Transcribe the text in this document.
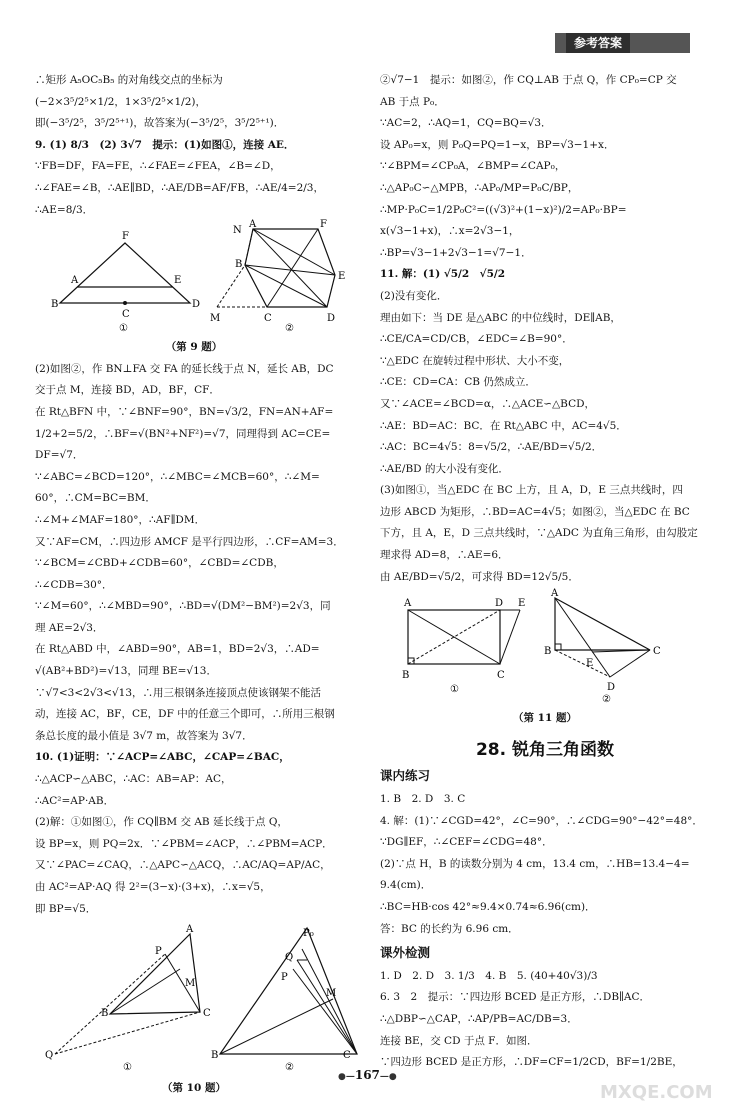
参考答案

∴矩形 A₅OC₅B₅ 的对角线交点的坐标为

(−2×3⁵/2⁵×1/2，1×3⁵/2⁵×1/2)，

即(−3⁵/2⁵，3⁵/2⁵⁺¹)，故答案为(−3⁵/2⁵，3⁵/2⁵⁺¹)．

9. (1) 8/3　(2) 3√7　提示：(1)如图①，连接 AE．

∵FB=DF，FA=FE，∴∠FAE=∠FEA，∠B=∠D，

∴∠FAE=∠B，∴AE∥BD，∴AE/DB=AF/FB，∴AE/4=2/3，

∴AE=8/3．

F
A	E
B
C
D
①
N
A	F
B
E
M	C	D
②
（第 9 题）

(2)如图②，作 BN⊥FA 交 FA 的延长线于点 N，延长 AB，DC

交于点 M，连接 BD，AD，BF，CF．

在 Rt△BFN 中，∵∠BNF=90°，BN=√3/2，FN=AN+AF=

1/2+2=5/2，∴BF=√(BN²+NF²)=√7，同理得到 AC=CE=

DF=√7．

∵∠ABC=∠BCD=120°，∴∠MBC=∠MCB=60°，∴∠M=

60°，∴CM=BC=BM．

∴∠M+∠MAF=180°，∴AF∥DM．

又∵AF=CM，∴四边形 AMCF 是平行四边形，∴CF=AM=3．

∵∠BCM=∠CBD+∠CDB=60°，∠CBD=∠CDB，

∴∠CDB=30°．

∵∠M=60°，∴∠MBD=90°，∴BD=√(DM²−BM²)=2√3，同

理 AE=2√3．

在 Rt△ABD 中，∠ABD=90°，AB=1，BD=2√3，∴AD=

√(AB²+BD²)=√13，同理 BE=√13．

∵√7<3<2√3<√13，∴用三根钢条连接顶点使该钢架不能活

动，连接 AC，BF，CE，DF 中的任意三个即可，∴所用三根钢

条总长度的最小值是 3√7 m，故答案为 3√7．

10. (1)证明：∵∠ACP=∠ABC，∠CAP=∠BAC，

∴△ACP∽△ABC，∴AC：AB=AP：AC，

∴AC²=AP·AB．

(2)解：①如图①，作 CQ∥BM 交 AB 延长线于点 Q，

设 BP=x，则 PQ=2x．∵∠PBM=∠ACP，∴∠PBM=ACP．

又∵∠PAC=∠CAQ，∴△APC∽△ACQ，∴AC/AQ=AP/AC，

由 AC²=AP·AQ 得 2²=(3−x)·(3+x)，∴x=√5，

即 BP=√5．

A
P
M
B	C
Q
①
P₀
Q
P
M
B	C
②
（第 10 题）

②√7−1　提示：如图②，作 CQ⊥AB 于点 Q，作 CP₀=CP 交

AB 于点 P₀．

∵AC=2，∴AQ=1，CQ=BQ=√3．

设 AP₀=x，则 P₀Q=PQ=1−x，BP=√3−1+x．

∵∠BPM=∠CP₀A，∠BMP=∠CAP₀，

∴△AP₀C∽△MPB，∴AP₀/MP=P₀C/BP，

∴MP·P₀C=1/2P₀C²=((√3)²+(1−x)²)/2=AP₀·BP=

x(√3−1+x)，∴x=2√3−1，

∴BP=√3−1+2√3−1=√7−1．

11. 解：(1) √5/2　√5/2

(2)没有变化．

理由如下：当 DE 是△ABC 的中位线时，DE∥AB，

∴CE/CA=CD/CB，∠EDC=∠B=90°．

∵△EDC 在旋转过程中形状、大小不变，

∴CE：CD=CA：CB 仍然成立．

又∵∠ACE=∠BCD=α，∴△ACE∽△BCD，

∴AE：BD=AC：BC．在 Rt△ABC 中，AC=4√5．

∴AC：BC=4√5：8=√5/2，∴AE/BD=√5/2．

∴AE/BD 的大小没有变化．

(3)如图①，当△EDC 在 BC 上方，且 A，D，E 三点共线时，四

边形 ABCD 为矩形，∴BD=AC=4√5；如图②，当△EDC 在 BC

下方，且 A，E，D 三点共线时，∵△ADC 为直角三角形，由勾股定

理求得 AD=8，∴AE=6．

由 AE/BD=√5/2，可求得 BD=12√5/5．

A	D E
B	C
①
A
B
E
C
D
②
（第 11 题）
28. 锐角三角函数
课内练习

1. B　2. D　3. C

4. 解：(1)∵∠CGD=42°，∠C=90°，∴∠CDG=90°−42°=48°．

∵DG∥EF，∴∠CEF=∠CDG=48°．

(2)∵点 H，B 的读数分别为 4 cm，13.4 cm，∴HB=13.4−4=

9.4(cm)．

∴BC=HB·cos 42°≈9.4×0.74≈6.96(cm)．

答：BC 的长约为 6.96 cm．

课外检测

1. D　2. D　3. 1/3　4. B　5. (40+40√3)/3

6. 3　2　提示：∵四边形 BCED 是正方形，∴DB∥AC．

∴△DBP∽△CAP，∴AP/PB=AC/DB=3．

连接 BE，交 CD 于点 F．如图．

∵四边形 BCED 是正方形，∴DF=CF=1/2CD，BF=1/2BE，

●— 167 —●
MXQE.COM
